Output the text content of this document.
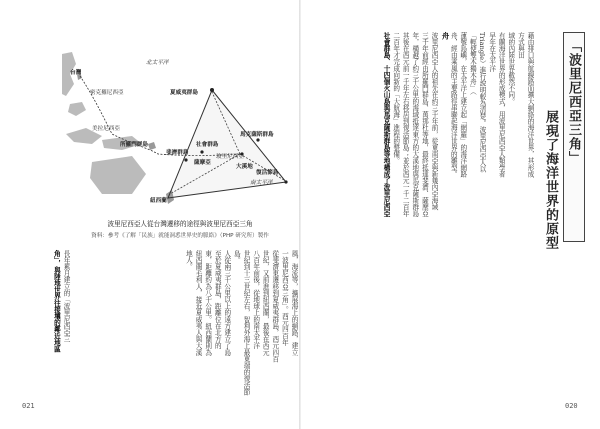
「波里尼西亞三角」
展現了海洋世界的原型
藉由排口與航線路而擴大網絡的海洋世界，其形成方式與田
域的內陸世界截然不同。
有關海洋世界的形成模式，用波里尼西亞人類學者早年在太平洋
Triangle）進行說明較為清楚。波里尼西亞人以「輕便雙木獨木舟」（
蓮號島嶼，在太平洋上建立起「網羅」的海洋網路
舟，經由乘風的主要路徑串聯起海洋世界的雛型。
舟
波里尼西亞人的祖先在約三千年前，從東南亞與新幾內亞海域
三千年前經由所羅門群島、萬那杜等地，最終抵達斐濟、薩摩亞
年，橫越了約三千公里的海域抵達東方的大溪地與馬克薩斯群島
其後在西元前一千年左右移居到復活節島；並於西元一千二百年
二百年才完成向新的「大航海」進程的整備。
社會群島、十四個火山島與馬克薩斯群島等地構成了波里尼西亞
020
北太平洋
南太平洋
台灣
密克羅尼西亞	夏威夷群島
美拉尼西亞
所羅門群島
斐濟群島
薩摩亞
馬克薩斯群島
社會群島
大溪地
玻里尼西亞
復活節島
紐西蘭
波里尼西亞人從台灣遷移的途徑與波里尼西亞三角
資料：參考《了解「民族」就能洞悉世界史的脈絡》（PHP 研究所）製作
風，海流等，擴展海上的網路，建立
一波里尼西亞三角」。西元四百年
從斐濟東遷移到夏威夷群島，西元四百
世紀，又前進到紐西蘭，最後在西元
八百年前後，從地球上的南太平洋
世紀到十三世紀左右，智利外海上最東端的復活節島。
人從兩三千公里以上的遠方建立了島
至於夏威夷群島，距離位在北方的
東，距離約為八千公里。紐西蘭則為
紐西蘭毛利人，接近夏威夷人與大溪
地人。
長年累月建立的「波里尼西亞三
角」，與陸地世界往接壤的鄰近地區
021
